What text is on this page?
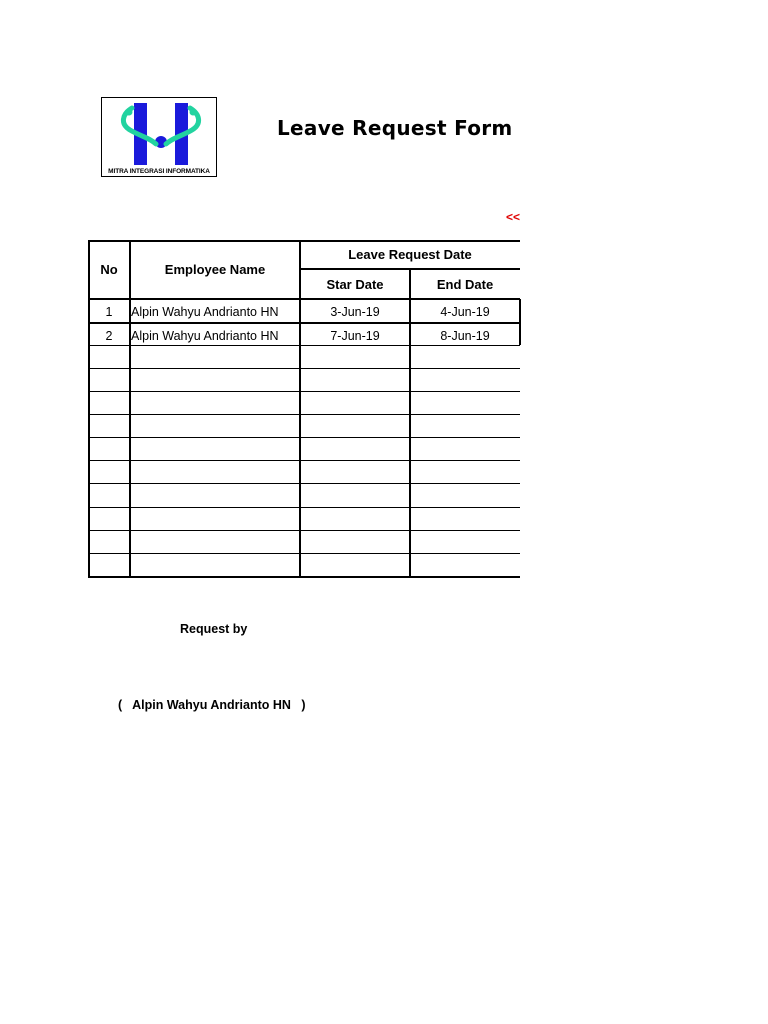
MITRA INTEGRASI INFORMATIKA
Leave Request Form
<<
No	Employee Name
Leave Request Date
Star Date	End Date
1	Alpin Wahyu Andrianto HN	3-Jun-19	4-Jun-19
2	Alpin Wahyu Andrianto HN	7-Jun-19	8-Jun-19
Request by
(   Alpin Wahyu Andrianto HN   )
